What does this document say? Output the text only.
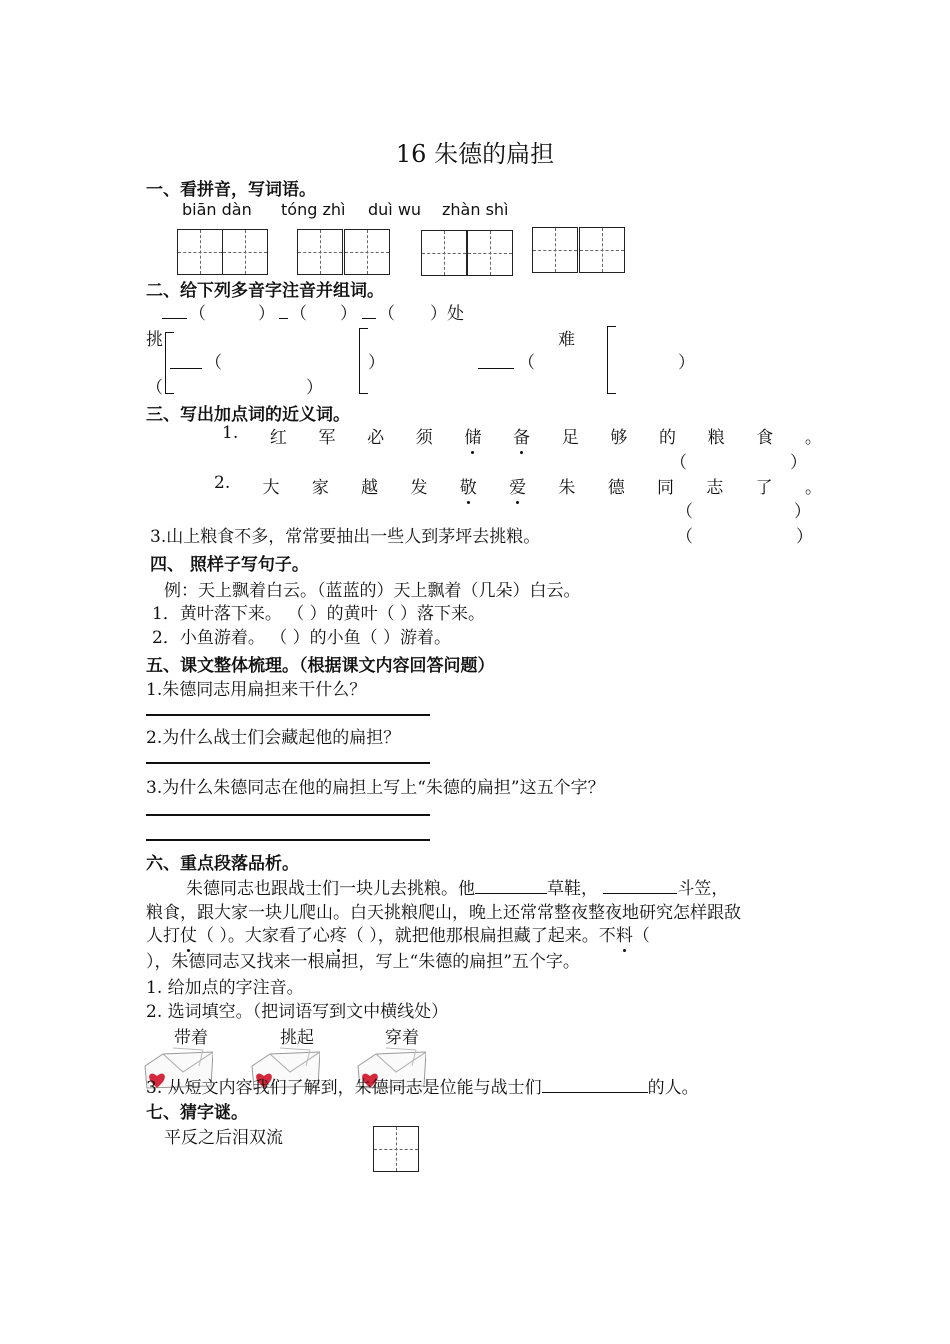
16 朱德的扁担
一、看拼音，写词语。
biān dàn tóng zhì duì wu zhàn shì
二、给下列多音字注音并组词。
（	） （ ） （ ）处
挑	难
（	）	（	）
（	）
三、写出加点词的近义词。
1. 红 军 必 须 储 备 足 够 的 粮 食 。
（	）
2. 大 家 越 发 敬 爱 朱 德 同 志 了 。
（	）
3.山上粮食不多，常常要抽出一些人到茅坪去挑粮。	（	）
四、 照样子写句子。
例：天上飘着白云。（蓝蓝的）天上飘着（几朵）白云。
1．黄叶落下来。 （ ）的黄叶（ ）落下来。
2．小鱼游着。 （ ）的小鱼（ ）游着。
五、课文整体梳理。（根据课文内容回答问题）
1.朱德同志用扁担来干什么？
2.为什么战士们会藏起他的扁担？
3.为什么朱德同志在他的扁担上写上“朱德的扁担”这五个字？
六、重点段落品析。
朱德同志也跟战士们一块儿去挑粮。他	草鞋，	斗笠，
粮食，跟大家一块儿爬山。白天挑粮爬山，晚上还常常整夜整夜地研究怎样跟敌
人打仗（ ）。大家看了心疼（ ），就把他那根扁担藏了起来。不料（
），朱德同志又找来一根扁担，写上“朱德的扁担”五个字。
1. 给加点的字注音。
2. 选词填空。（把词语写到文中横线处）
带着	挑起	穿着
3. 从短文内容我们了解到，朱德同志是位能与战士们	的人。
七、猜字谜。
平反之后泪双流
